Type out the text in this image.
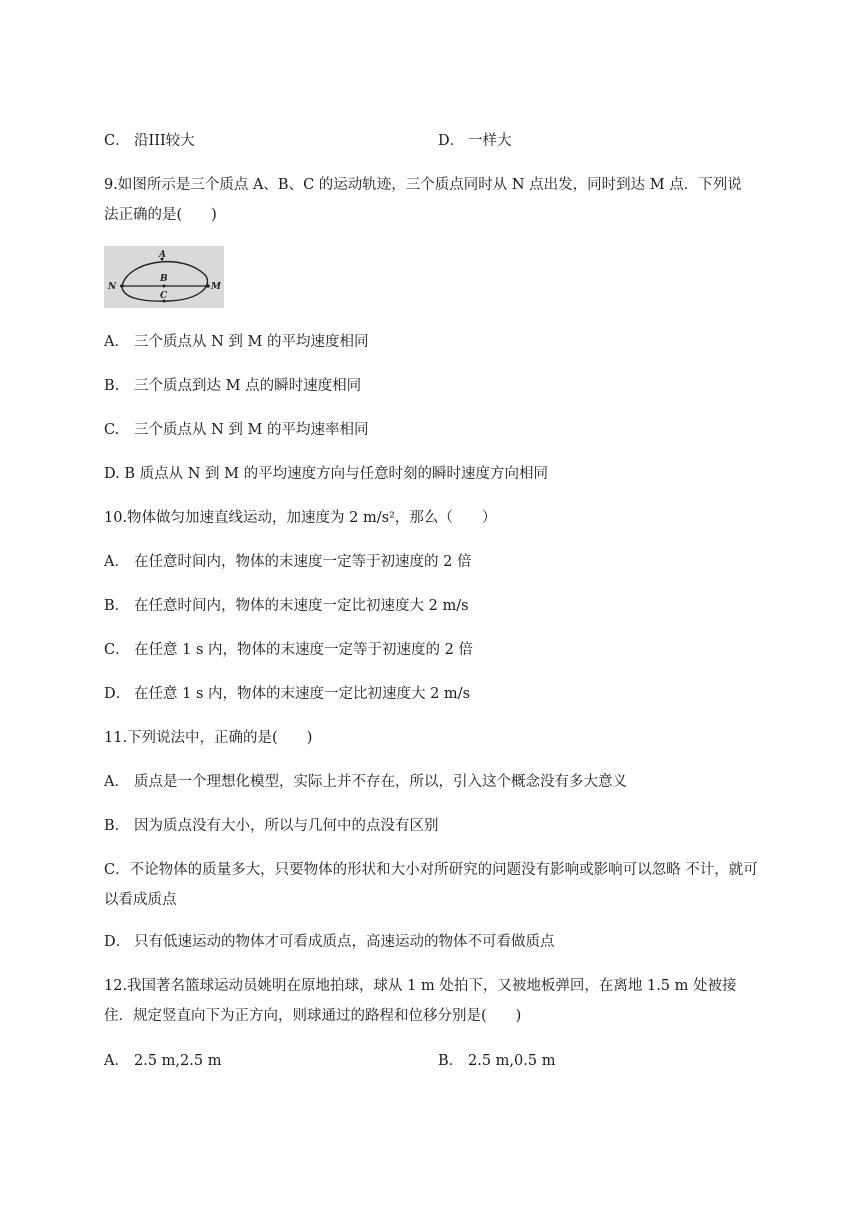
C． 沿III较大	D． 一样大
9.如图所示是三个质点 A、B、C 的运动轨迹，三个质点同时从 N 点出发，同时到达 M 点．下列说
法正确的是(　　)
A
B
C
N	M
A． 三个质点从 N 到 M 的平均速度相同
B. 三个质点到达 M 点的瞬时速度相同
C. 三个质点从 N 到 M 的平均速率相同
D. B 质点从 N 到 M 的平均速度方向与任意时刻的瞬时速度方向相同
10.物体做匀加速直线运动，加速度为 2 m/s²，那么（　　）
A． 在任意时间内，物体的末速度一定等于初速度的 2 倍
B． 在任意时间内，物体的末速度一定比初速度大 2 m/s
C． 在任意 1 s 内，物体的末速度一定等于初速度的 2 倍
D． 在任意 1 s 内，物体的末速度一定比初速度大 2 m/s
11.下列说法中，正确的是(　　)
A． 质点是一个理想化模型，实际上并不存在，所以，引入这个概念没有多大意义
B． 因为质点没有大小，所以与几何中的点没有区别
C．不论物体的质量多大，只要物体的形状和大小对所研究的问题没有影响或影响可以忽略 不计，就可以看成质点
D． 只有低速运动的物体才可看成质点，高速运动的物体不可看做质点
12.我国著名篮球运动员姚明在原地拍球，球从 1 m 处拍下，又被地板弹回，在离地 1.5 m 处被接住．规定竖直向下为正方向，则球通过的路程和位移分别是(　　)
A． 2.5 m,2.5 m	B． 2.5 m,0.5 m
